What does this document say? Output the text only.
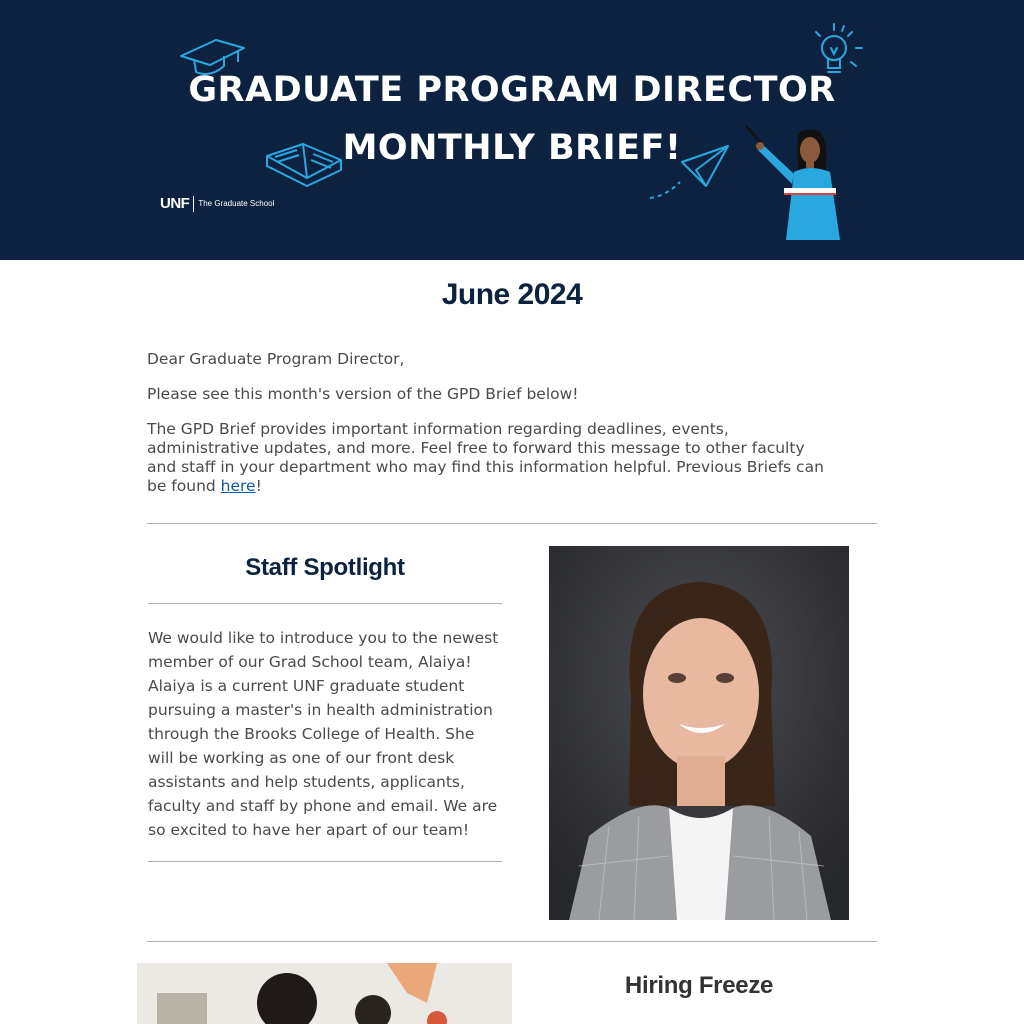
UNF The Graduate School
GRADUATE PROGRAM DIRECTOR
MONTHLY BRIEF!
June 2024
Dear Graduate Program Director,
Please see this month's version of the GPD Brief below!
The GPD Brief provides important information regarding deadlines, events, administrative updates, and more. Feel free to forward this message to other faculty and staff in your department who may find this information helpful. Previous Briefs can be found here!
Staff Spotlight
We would like to introduce you to the newest member of our Grad School team, Alaiya! Alaiya is a current UNF graduate student pursuing a master's in health administration through the Brooks College of Health. She will be working as one of our front desk assistants and help students, applicants, faculty and staff by phone and email. We are so excited to have her apart of our team!
Hiring Freeze
